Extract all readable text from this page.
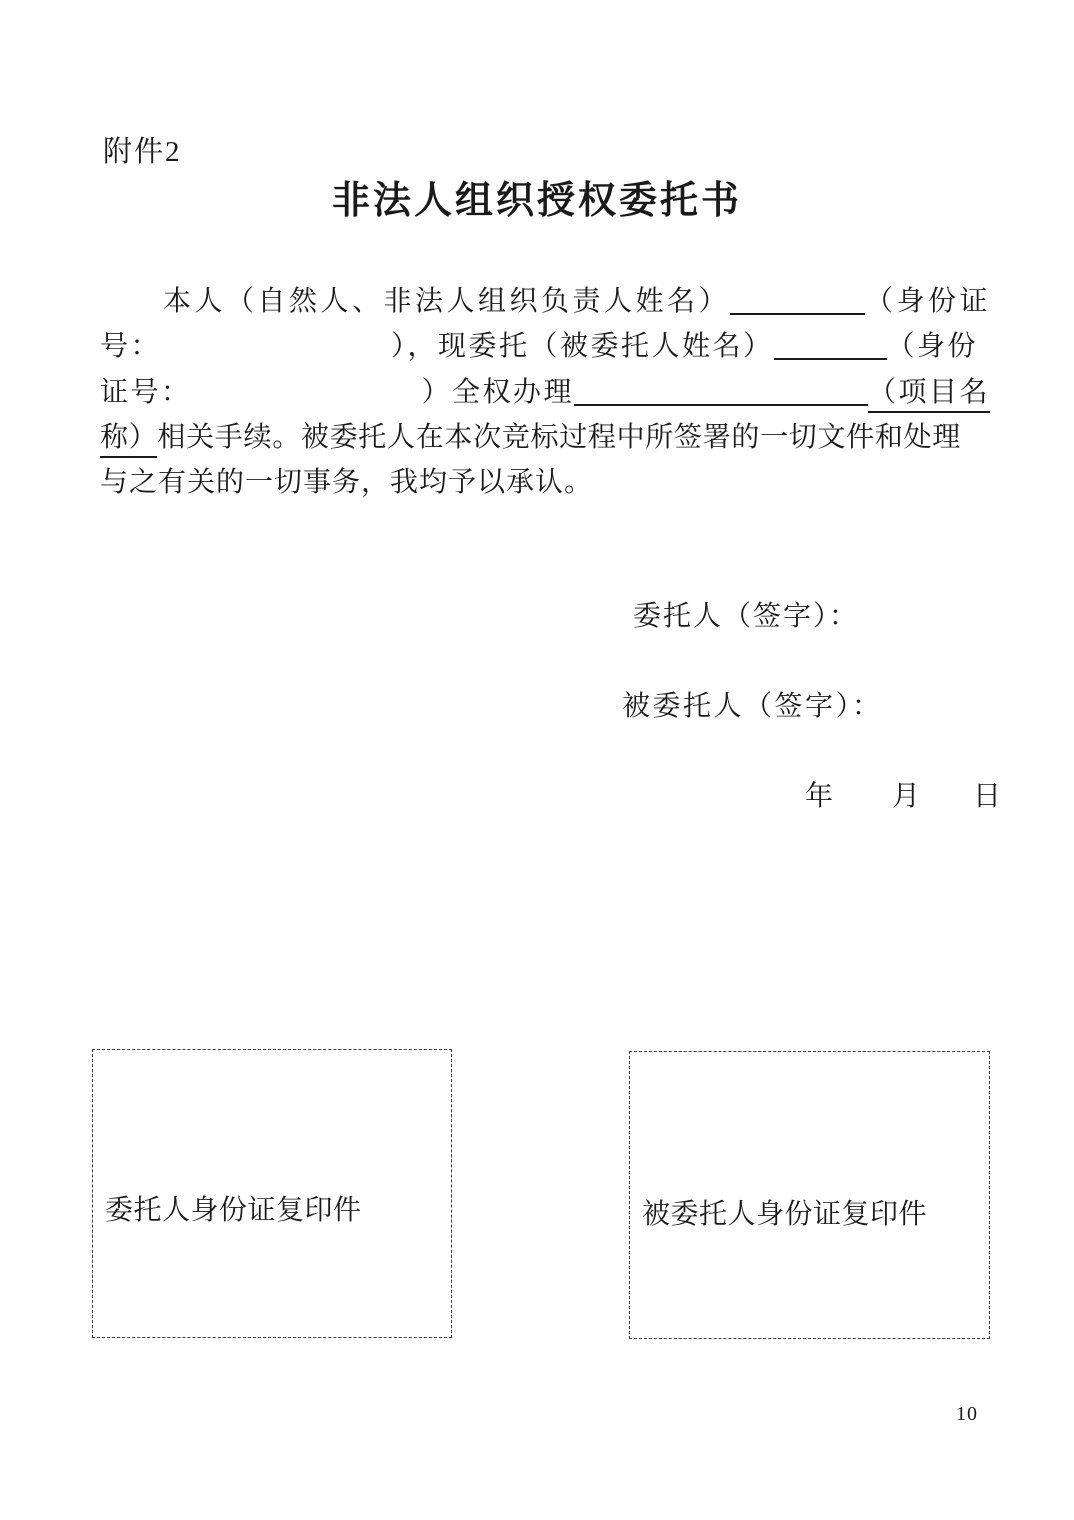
附件2
非法人组织授权委托书
本人（自然人、非法人组织负责人姓名）	（身份证
号：	），现委托（被委托人姓名）	（身份
证号：	）全权办理	（项目名
称）相关手续。被委托人在本次竞标过程中所签署的一切文件和处理
与之有关的一切事务，我均予以承认。
委托人（签字）：
被委托人（签字）：
年 月 日
委托人身份证复印件	被委托人身份证复印件
10
